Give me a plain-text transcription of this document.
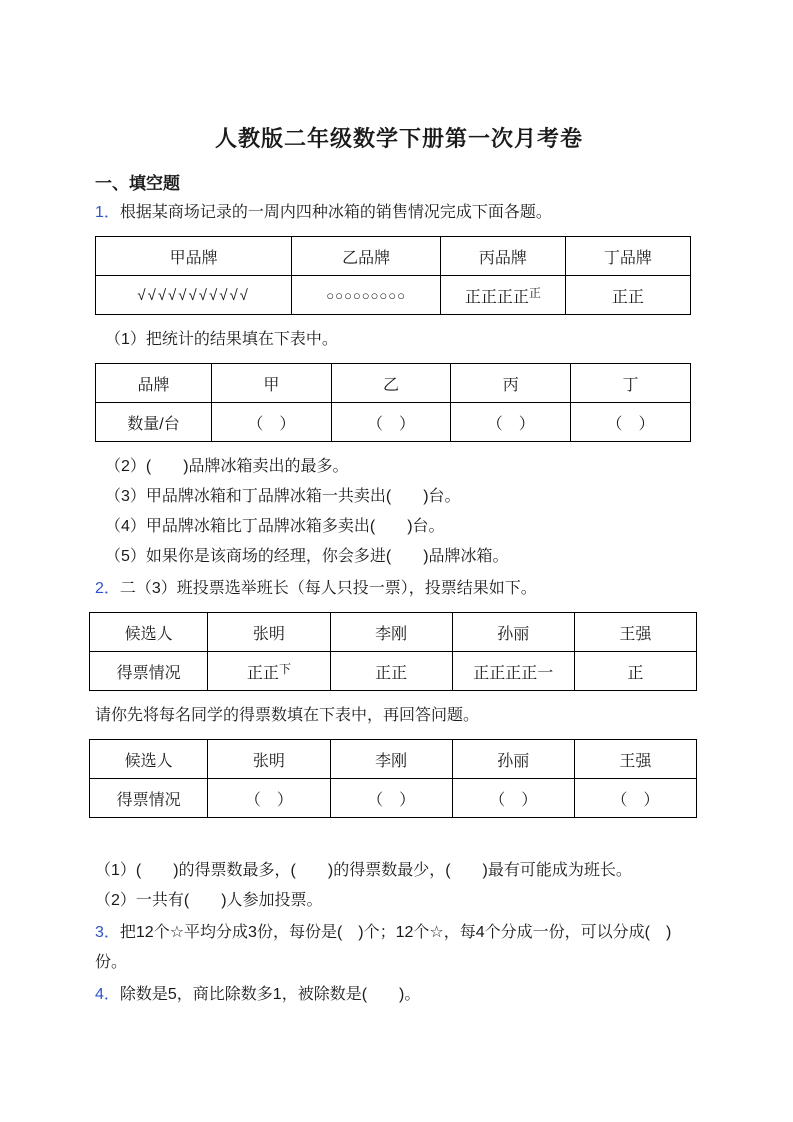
人教版二年级数学下册第一次月考卷
一、填空题
1．根据某商场记录的一周内四种冰箱的销售情况完成下面各题。
甲品牌	乙品牌	丙品牌	丁品牌
√√√√√√√√√√√	○○○○○○○○○	正正正正$^正$	正正
（1）把统计的结果填在下表中。
品牌	甲	乙	丙	丁
数量/台	（　）	（　）	（　）	（　）
（2）(　　)品牌冰箱卖出的最多。
（3）甲品牌冰箱和丁品牌冰箱一共卖出(　　)台。
（4）甲品牌冰箱比丁品牌冰箱多卖出(　　)台。
（5）如果你是该商场的经理，你会多进(　　)品牌冰箱。
2．二（3）班投票选举班长（每人只投一票），投票结果如下。
候选人	张明	李刚	孙丽	王强
得票情况	正正$^下$	正正	正正正正一	正
请你先将每名同学的得票数填在下表中，再回答问题。
候选人	张明	李刚	孙丽	王强
得票情况	（　）	（　）	（　）	（　）
（1）(　　)的得票数最多，(　　)的得票数最少，(　　)最有可能成为班长。
（2）一共有(　　)人参加投票。
3．把12个☆平均分成3份，每份是(　)个；12个☆，每4个分成一份，可以分成(　)份。
4．除数是5，商比除数多1，被除数是(　　)。
